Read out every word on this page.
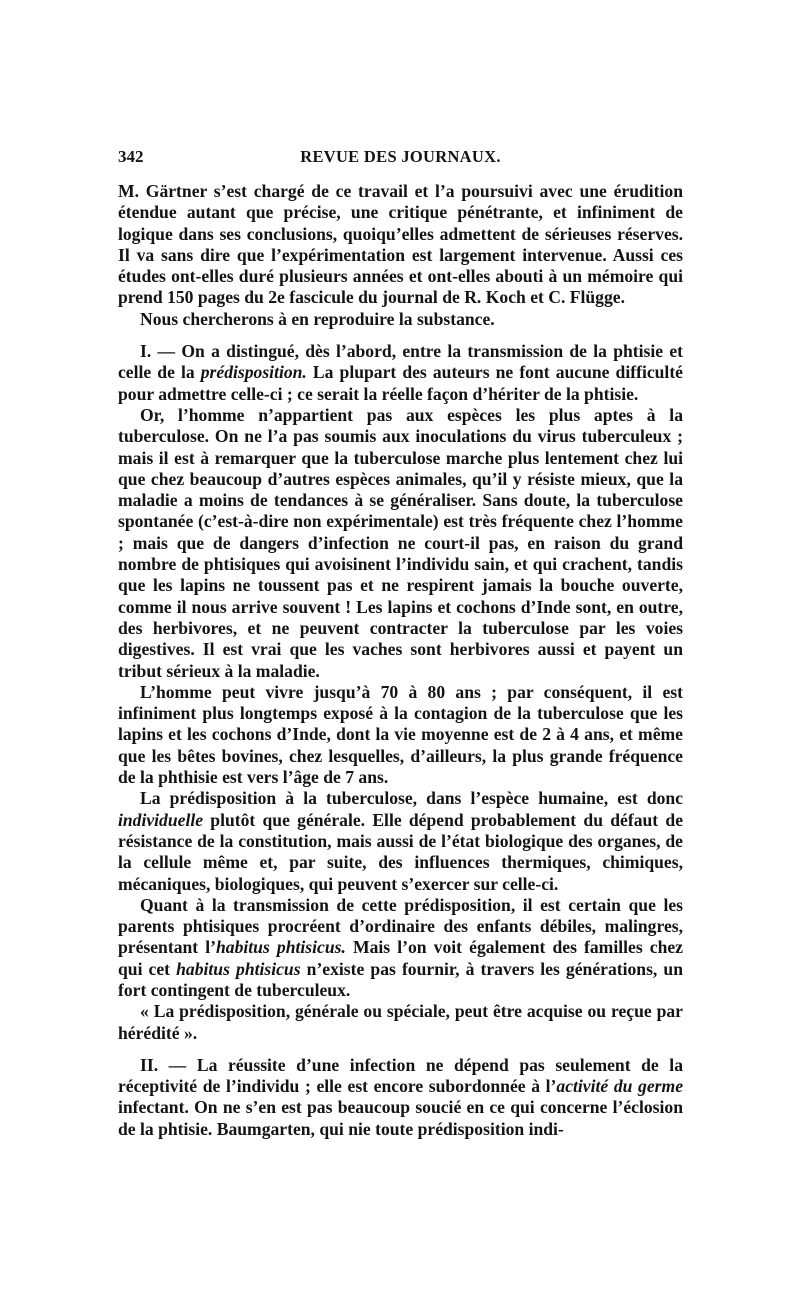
342	REVUE DES JOURNAUX.

M. Gärtner s’est chargé de ce travail et l’a poursuivi avec une érudition étendue autant que précise, une critique pénétrante, et infiniment de logique dans ses conclusions, quoiqu’elles admettent de sérieuses réserves. Il va sans dire que l’expérimentation est largement intervenue. Aussi ces études ont-elles duré plusieurs années et ont-elles abouti à un mémoire qui prend 150 pages du 2e fascicule du journal de R. Koch et C. Flügge.

Nous chercherons à en reproduire la substance.

I. — On a distingué, dès l’abord, entre la transmission de la phtisie et celle de la prédisposition. La plupart des auteurs ne font aucune difficulté pour admettre celle-ci ; ce serait la réelle façon d’hériter de la phtisie.

Or, l’homme n’appartient pas aux espèces les plus aptes à la tuberculose. On ne l’a pas soumis aux inoculations du virus tuberculeux ; mais il est à remarquer que la tuberculose marche plus lentement chez lui que chez beaucoup d’autres espèces animales, qu’il y résiste mieux, que la maladie a moins de tendances à se généraliser. Sans doute, la tuberculose spontanée (c’est-à-dire non expérimentale) est très fréquente chez l’homme ; mais que de dangers d’infection ne court-il pas, en raison du grand nombre de phtisiques qui avoisinent l’individu sain, et qui crachent, tandis que les lapins ne toussent pas et ne respirent jamais la bouche ouverte, comme il nous arrive souvent ! Les lapins et cochons d’Inde sont, en outre, des herbivores, et ne peuvent contracter la tuberculose par les voies digestives. Il est vrai que les vaches sont herbivores aussi et payent un tribut sérieux à la maladie.

L’homme peut vivre jusqu’à 70 à 80 ans ; par conséquent, il est infiniment plus longtemps exposé à la contagion de la tuberculose que les lapins et les cochons d’Inde, dont la vie moyenne est de 2 à 4 ans, et même que les bêtes bovines, chez lesquelles, d’ailleurs, la plus grande fréquence de la phthisie est vers l’âge de 7 ans.

La prédisposition à la tuberculose, dans l’espèce humaine, est donc individuelle plutôt que générale. Elle dépend probablement du défaut de résistance de la constitution, mais aussi de l’état biologique des organes, de la cellule même et, par suite, des influences thermiques, chimiques, mécaniques, biologiques, qui peuvent s’exercer sur celle-ci.

Quant à la transmission de cette prédisposition, il est certain que les parents phtisiques procréent d’ordinaire des enfants débiles, malingres, présentant l’habitus phtisicus. Mais l’on voit également des familles chez qui cet habitus phtisicus n’existe pas fournir, à travers les générations, un fort contingent de tuberculeux.

« La prédisposition, générale ou spéciale, peut être acquise ou reçue par hérédité ».

II. — La réussite d’une infection ne dépend pas seulement de la réceptivité de l’individu ; elle est encore subordonnée à l’activité du germe infectant. On ne s’en est pas beaucoup soucié en ce qui concerne l’éclosion de la phtisie. Baumgarten, qui nie toute prédisposition indi-
